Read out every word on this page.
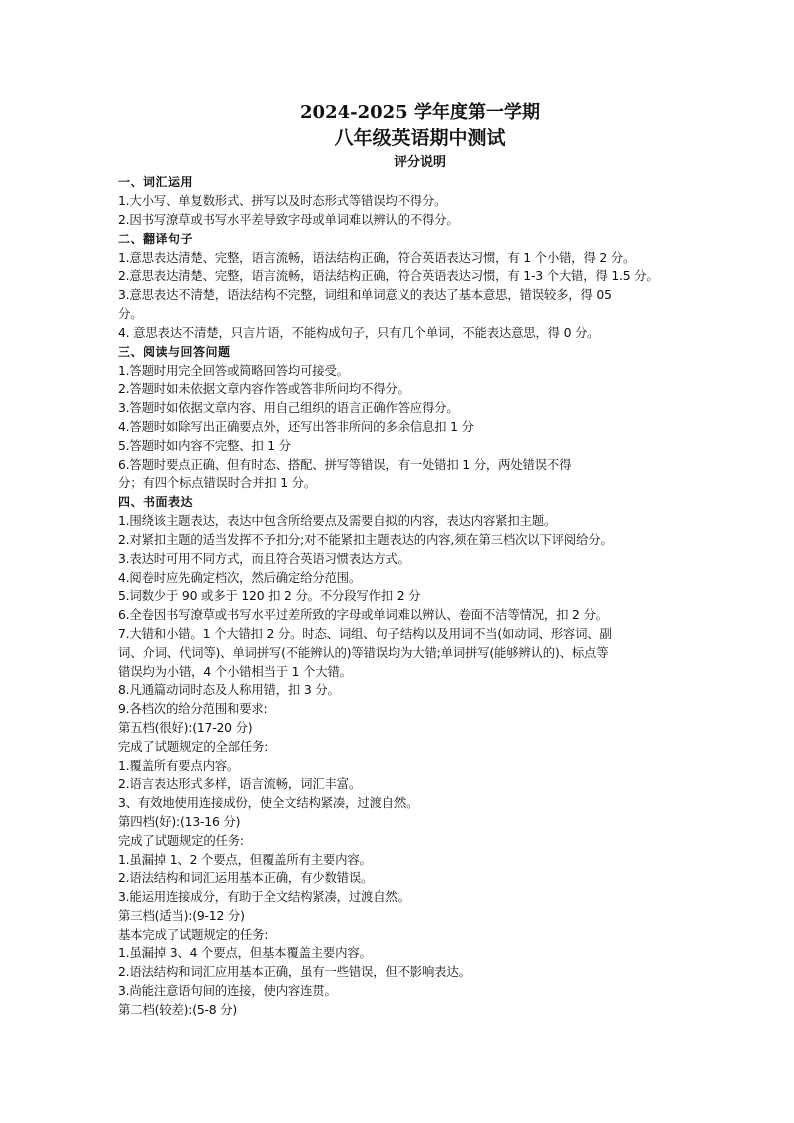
2024-2025 学年度第一学期
八年级英语期中测试
评分说明
一、词汇运用
1.大小写、单复数形式、拼写以及时态形式等错误均不得分。
2.因书写潦草或书写水平差导致字母或单词难以辨认的不得分。
二、翻译句子
1.意思表达清楚、完整，语言流畅，语法结构正确，符合英语表达习惯，有 1 个小错，得 2 分。
2.意思表达清楚、完整，语言流畅，语法结构正确，符合英语表达习惯，有 1-3 个大错，得 1.5 分。
3.意思表达不清楚，语法结构不完整，词组和单词意义的表达了基本意思，错误较多，得 05
分。
4. 意思表达不清楚，只言片语，不能构成句子，只有几个单词，不能表达意思，得 0 分。
三、阅读与回答问题
1.答题时用完全回答或简略回答均可接受。
2.答题时如未依据文章内容作答或答非所问均不得分。
3.答题时如依据文章内容、用自己组织的语言正确作答应得分。
4.答题时如除写出正确要点外，还写出答非所问的多余信息扣 1 分
5.答题时如内容不完整、扣 1 分
6.答题时要点正确、但有时态、搭配、拼写等错误，有一处错扣 1 分，两处错误不得
分；有四个标点错误时合并扣 1 分。
四、书面表达
1.围绕该主题表达，表达中包含所给要点及需要自拟的内容，表达内容紧扣主题。
2.对紧扣主题的适当发挥不予扣分;对不能紧扣主题表达的内容,须在第三档次以下评阅给分。
3.表达时可用不同方式，而且符合英语习惯表达方式。
4.阅卷时应先确定档次，然后确定给分范围。
5.词数少于 90 或多于 120 扣 2 分。不分段写作扣 2 分
6.全卷因书写潦草或书写水平过差所致的字母或单词难以辨认、卷面不洁等情况，扣 2 分。
7.大错和小错。1 个大错扣 2 分。时态、词组、句子结构以及用词不当(如动词、形容词、副
词、介词、代词等)、单词拼写(不能辨认的)等错误均为大错;单词拼写(能够辨认的)、标点等
错误均为小错，4 个小错相当于 1 个大错。
8.凡通篇动词时态及人称用错，扣 3 分。
9.各档次的给分范围和要求:
第五档(很好):(17-20 分)
完成了试题规定的全部任务:
1.覆盖所有要点内容。
2.语言表达形式多样，语言流畅，词汇丰富。
3、有效地使用连接成份，使全文结构紧凑，过渡自然。
第四档(好):(13-16 分)
完成了试题规定的任务:
1.虽漏掉 1、2 个要点，但覆盖所有主要内容。
2.语法结构和词汇运用基本正确，有少数错误。
3.能运用连接成分，有助于全文结构紧凑，过渡自然。
第三档(适当):(9-12 分)
基本完成了试题规定的任务:
1.虽漏掉 3、4 个要点，但基本覆盖主要内容。
2.语法结构和词汇应用基本正确，虽有一些错误，但不影响表达。
3.尚能注意语句间的连接，使内容连贯。
第二档(较差):(5-8 分)
